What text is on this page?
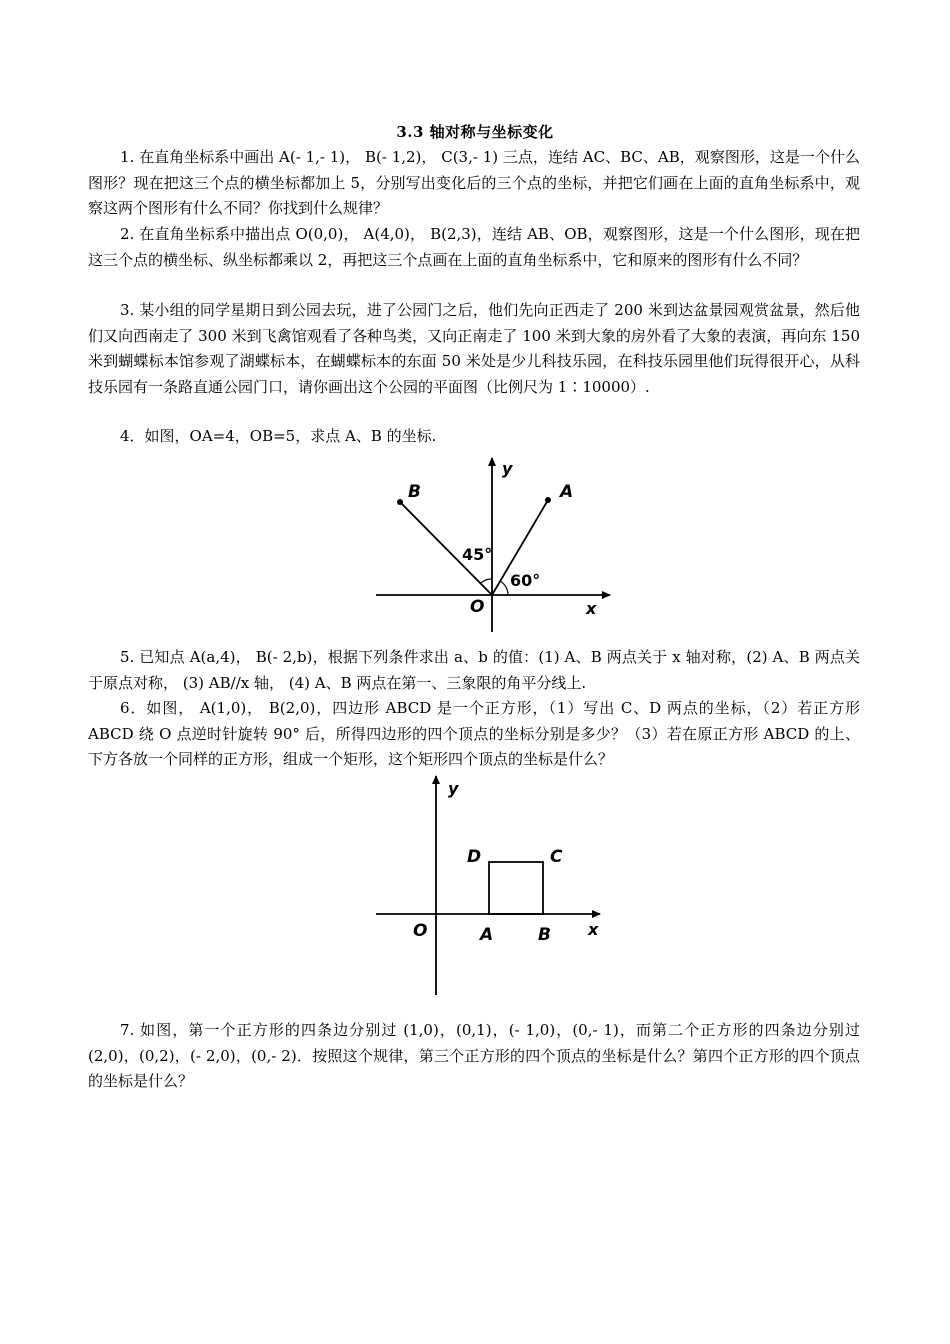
3.3 轴对称与坐标变化

1. 在直角坐标系中画出 A(- 1,- 1)， B(- 1,2)， C(3,- 1) 三点，连结 AC、BC、AB，观察图形，这是一个什么图形？现在把这三个点的横坐标都加上 5，分别写出变化后的三个点的坐标，并把它们画在上面的直角坐标系中，观察这两个图形有什么不同？你找到什么规律？

2. 在直角坐标系中描出点 O(0,0)， A(4,0)， B(2,3)，连结 AB、OB，观察图形，这是一个什么图形，现在把这三个点的横坐标、纵坐标都乘以 2，再把这三个点画在上面的直角坐标系中，它和原来的图形有什么不同？

3. 某小组的同学星期日到公园去玩，进了公园门之后，他们先向正西走了 200 米到达盆景园观赏盆景，然后他们又向西南走了 300 米到飞禽馆观看了各种鸟类，又向正南走了 100 米到大象的房外看了大象的表演，再向东 150 米到蝴蝶标本馆参观了湖蝶标本，在蝴蝶标本的东面 50 米处是少儿科技乐园，在科技乐园里他们玩得很开心，从科技乐园有一条路直通公园门口，请你画出这个公园的平面图（比例尺为 1∶10000）.

4．如图，OA=4，OB=5，求点 A、B 的坐标.

B	A
y
x
O
45°
60°

5. 已知点 A(a,4)， B(- 2,b)，根据下列条件求出 a、b 的值：(1) A、B 两点关于 x 轴对称，(2) A、B 两点关于原点对称， (3) AB//x 轴， (4) A、B 两点在第一、三象限的角平分线上.

6．如图， A(1,0)， B(2,0)，四边形 ABCD 是一个正方形，（1）写出 C、D 两点的坐标，（2）若正方形 ABCD 绕 O 点逆时针旋转 90° 后，所得四边形的四个顶点的坐标分别是多少？（3）若在原正方形 ABCD 的上、下方各放一个同样的正方形，组成一个矩形，这个矩形四个顶点的坐标是什么？

y
x
O	A	B
C
D

7. 如图，第一个正方形的四条边分别过 (1,0)，(0,1)，(- 1,0)，(0,- 1)，而第二个正方形的四条边分别过 (2,0)，(0,2)，(- 2,0)，(0,- 2)．按照这个规律，第三个正方形的四个顶点的坐标是什么？第四个正方形的四个顶点的坐标是什么？
